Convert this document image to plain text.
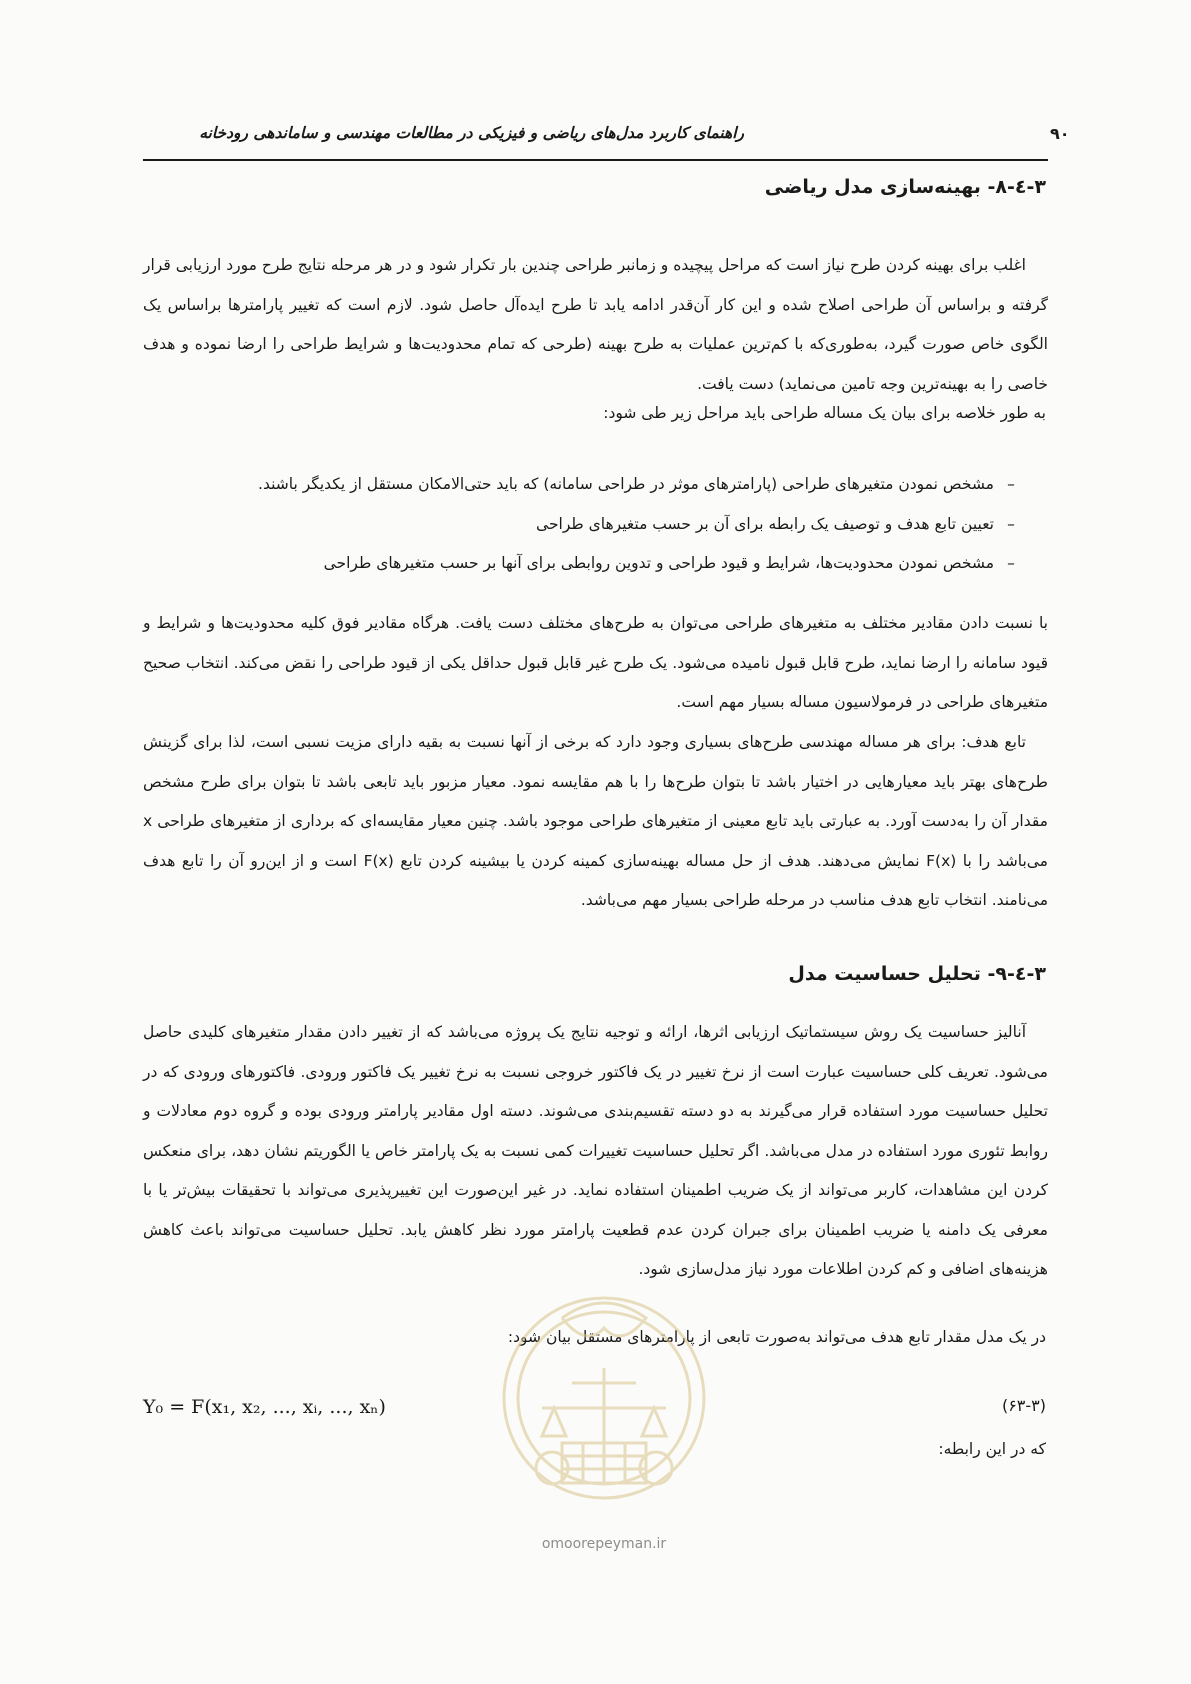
راهنمای کاربرد مدل‌های ریاضی و فیزیکی در مطالعات مهندسی و ساماندهی رودخانه	۹۰
۳-٤-۸- بهینه‌سازی مدل ریاضی

اغلب برای بهینه کردن طرح نیاز است که مراحل پیچیده و زمانبر طراحی چندین بار تکرار شود و در هر مرحله نتایج طرح مورد ارزیابی قرار گرفته و براساس آن طراحی اصلاح شده و این کار آن‌قدر ادامه یابد تا طرح ایده‌آل حاصل شود. لازم است که تغییر پارامترها براساس یک الگوی خاص صورت گیرد، به‌طوری‌که با کم‌ترین عملیات به طرح بهینه (طرحی که تمام محدودیت‌ها و شرایط طراحی را ارضا نموده و هدف خاصی را به بهینه‌ترین وجه تامین می‌نماید) دست یافت.

به طور خلاصه برای بیان یک مساله طراحی باید مراحل زیر طی شود:
–مشخص نمودن متغیرهای طراحی (پارامترهای موثر در طراحی سامانه) که باید حتی‌الامکان مستقل از یکدیگر باشند.
–تعیین تابع هدف و توصیف یک رابطه برای آن بر حسب متغیرهای طراحی
–مشخص نمودن محدودیت‌ها، شرایط و قیود طراحی و تدوین روابطی برای آنها بر حسب متغیرهای طراحی

با نسبت دادن مقادیر مختلف به متغیرهای طراحی می‌توان به طرح‌های مختلف دست یافت. هرگاه مقادیر فوق کلیه محدودیت‌ها و شرایط و قیود سامانه را ارضا نماید، طرح قابل قبول نامیده می‌شود. یک طرح غیر قابل قبول حداقل یکی از قیود طراحی را نقض می‌کند. انتخاب صحیح متغیرهای طراحی در فرمولاسیون مساله بسیار مهم است.

تابع هدف: برای هر مساله مهندسی طرح‌های بسیاری وجود دارد که برخی از آنها نسبت به بقیه دارای مزیت نسبی است، لذا برای گزینش طرح‌های بهتر باید معیارهایی در اختیار باشد تا بتوان طرح‌ها را با هم مقایسه نمود. معیار مزبور باید تابعی باشد تا بتوان برای طرح مشخص مقدار آن را به‌دست آورد. به عبارتی باید تابع معینی از متغیرهای طراحی موجود باشد. چنین معیار مقایسه‌ای که برداری از متغیرهای طراحی x می‌باشد را با F(x) نمایش می‌دهند. هدف از حل مساله بهینه‌سازی کمینه کردن یا بیشینه کردن تابع F(x) است و از این‌رو آن را تابع هدف می‌نامند. انتخاب تابع هدف مناسب در مرحله طراحی بسیار مهم می‌باشد.

۳-٤-۹- تحلیل حساسیت مدل

آنالیز حساسیت یک روش سیستماتیک ارزیابی اثرها، ارائه و توجیه نتایج یک پروژه می‌باشد که از تغییر دادن مقدار متغیرهای کلیدی حاصل می‌شود. تعریف کلی حساسیت عبارت است از نرخ تغییر در یک فاکتور خروجی نسبت به نرخ تغییر یک فاکتور ورودی. فاکتورهای ورودی که در تحلیل حساسیت مورد استفاده قرار می‌گیرند به دو دسته تقسیم‌بندی می‌شوند. دسته اول مقادیر پارامتر ورودی بوده و گروه دوم معادلات و روابط تئوری مورد استفاده در مدل می‌باشد. اگر تحلیل حساسیت تغییرات کمی نسبت به یک پارامتر خاص یا الگوریتم نشان دهد، برای منعکس کردن این مشاهدات، کاربر می‌تواند از یک ضریب اطمینان استفاده نماید. در غیر این‌صورت این تغییرپذیری می‌تواند با تحقیقات بیش‌تر یا با معرفی یک دامنه یا ضریب اطمینان برای جبران کردن عدم قطعیت پارامتر مورد نظر کاهش یابد. تحلیل حساسیت می‌تواند باعث کاهش هزینه‌های اضافی و کم کردن اطلاعات مورد نیاز مدل‌سازی شود.

در یک مدل مقدار تابع هدف می‌تواند به‌صورت تابعی از پارامترهای مستقل بیان شود:
Y₀ = F(x₁, x₂, ..., xᵢ, ..., xₙ)	(۶۳-۳)
که در این رابطه:
omoorepeyman.ir
